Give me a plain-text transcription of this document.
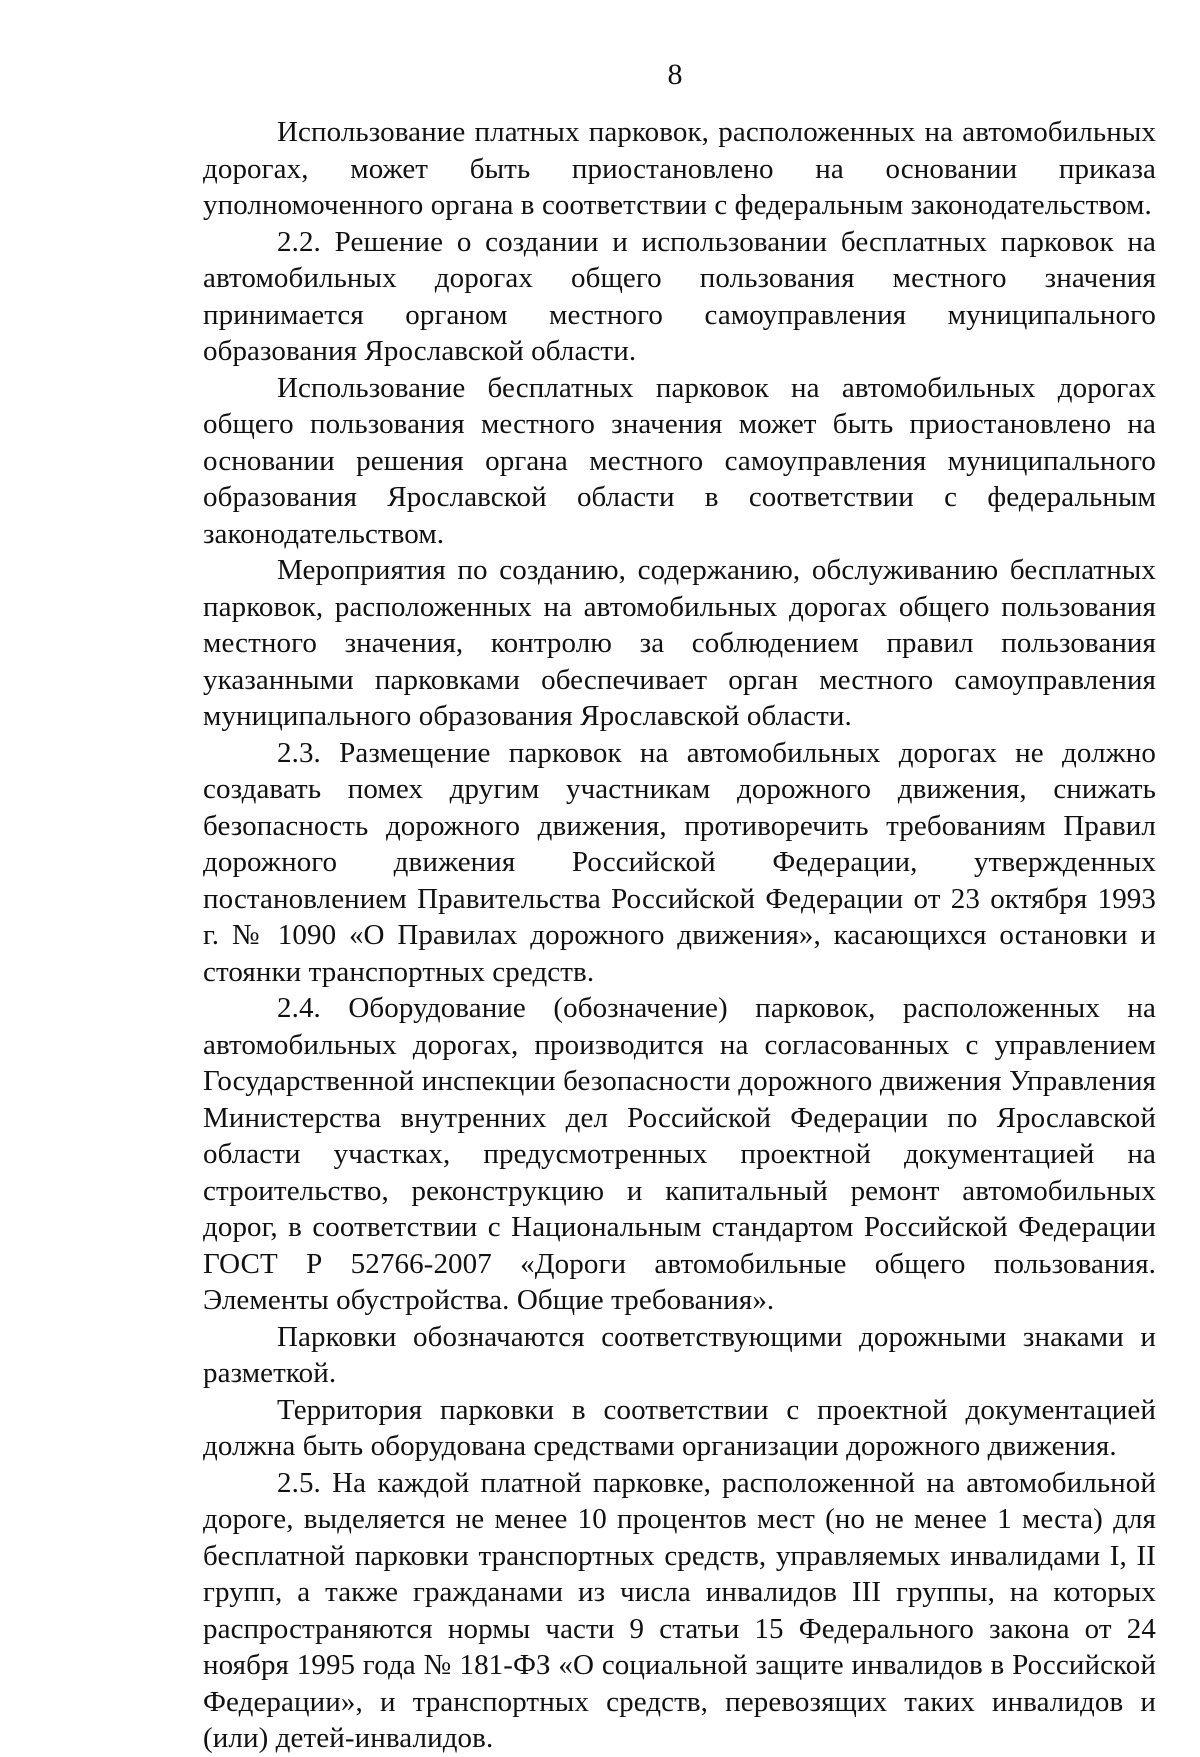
8

Использование платных парковок, расположенных на автомобильных дорогах, может быть приостановлено на основании приказа уполномоченного органа в соответствии с федеральным законодательством.

2.2. Решение о создании и использовании бесплатных парковок на автомобильных дорогах общего пользования местного значения принимается органом местного самоуправления муниципального образования Ярославской области.

Использование бесплатных парковок на автомобильных дорогах общего пользования местного значения может быть приостановлено на основании решения органа местного самоуправления муниципального образования Ярославской области в соответствии с федеральным законодательством.

Мероприятия по созданию, содержанию, обслуживанию бесплатных парковок, расположенных на автомобильных дорогах общего пользования местного значения, контролю за соблюдением правил пользования указанными парковками обеспечивает орган местного самоуправления муниципального образования Ярославской области.

2.3. Размещение парковок на автомобильных дорогах не должно создавать помех другим участникам дорожного движения, снижать безопасность дорожного движения, противоречить требованиям Правил дорожного движения Российской Федерации, утвержденных постановлением Правительства Российской Федерации от 23 октября 1993 г. № 1090 «О Правилах дорожного движения», касающихся остановки и стоянки транспортных средств.

2.4. Оборудование (обозначение) парковок, расположенных на автомобильных дорогах, производится на согласованных с управлением Государственной инспекции безопасности дорожного движения Управления Министерства внутренних дел Российской Федерации по Ярославской области участках, предусмотренных проектной документацией на строительство, реконструкцию и капитальный ремонт автомобильных дорог, в соответствии с Национальным стандартом Российской Федерации ГОСТ Р 52766-2007 «Дороги автомобильные общего пользования. Элементы обустройства. Общие требования».

Парковки обозначаются соответствующими дорожными знаками и разметкой.

Территория парковки в соответствии с проектной документацией должна быть оборудована средствами организации дорожного движения.

2.5. На каждой платной парковке, расположенной на автомобильной дороге, выделяется не менее 10 процентов мест (но не менее 1 места) для бесплатной парковки транспортных средств, управляемых инвалидами I, II групп, а также гражданами из числа инвалидов III группы, на которых распространяются нормы части 9 статьи 15 Федерального закона от 24 ноября 1995 года № 181-ФЗ «О социальной защите инвалидов в Российской Федерации», и транспортных средств, перевозящих таких инвалидов и (или) детей-инвалидов.
